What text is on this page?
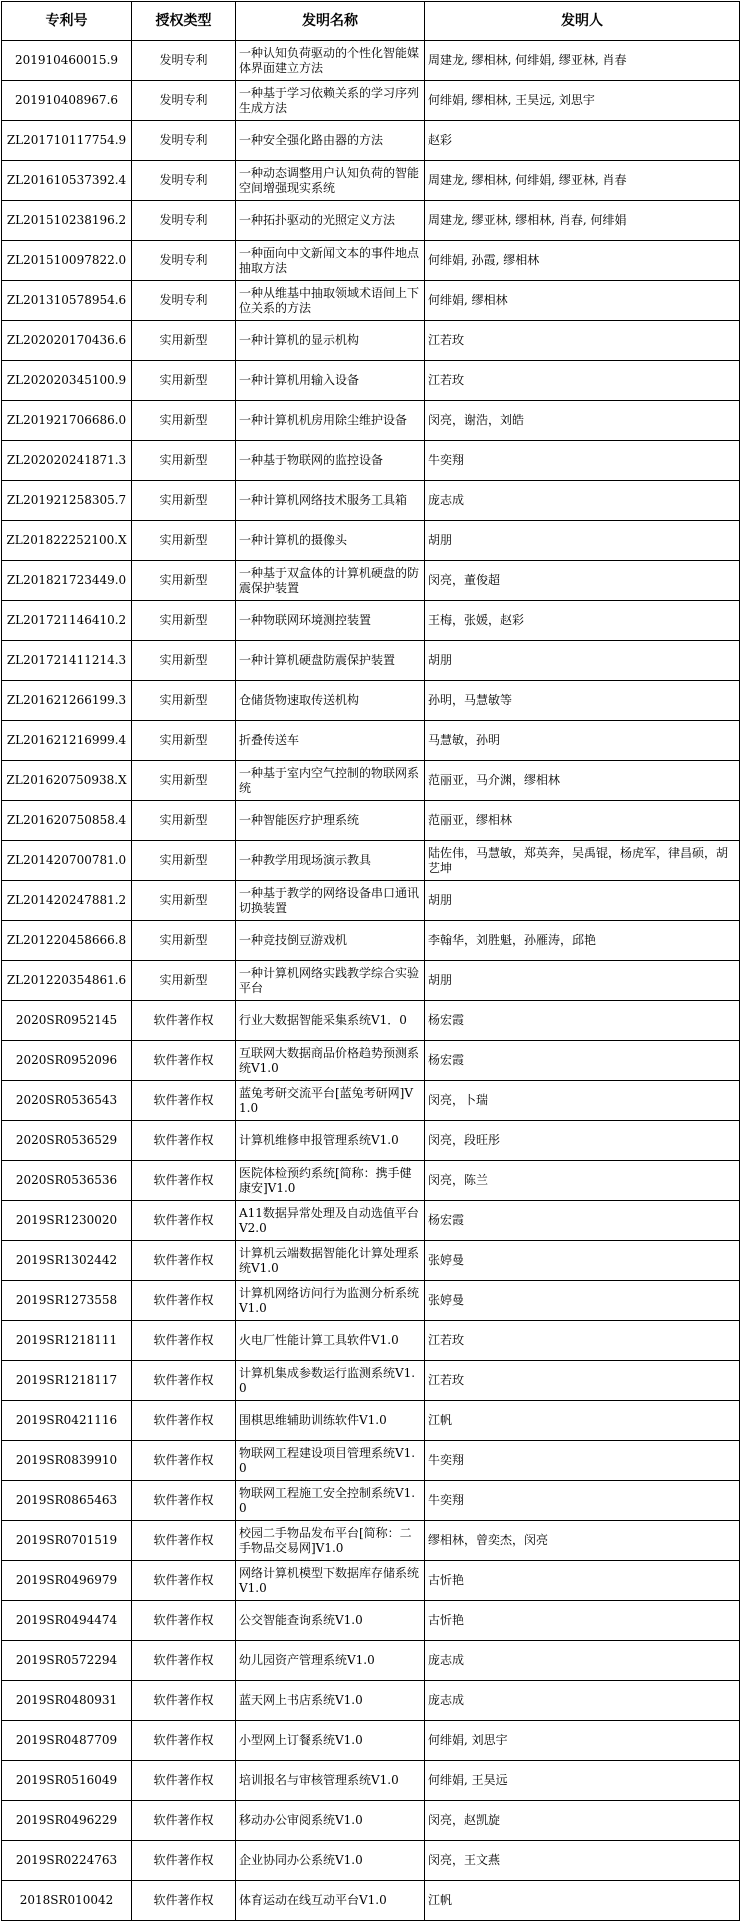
专利号	授权类型	发明名称	发明人
201910460015.9	发明专利	一种认知负荷驱动的个性化智能媒体界面建立方法	周建龙, 缪相林, 何绯娟, 缪亚林, 肖春
201910408967.6	发明专利	一种基于学习依赖关系的学习序列生成方法	何绯娟, 缪相林, 王昊远, 刘思宇
ZL201710117754.9	发明专利	一种安全强化路由器的方法	赵彩
ZL201610537392.4	发明专利	一种动态调整用户认知负荷的智能空间增强现实系统	周建龙, 缪相林, 何绯娟, 缪亚林, 肖春
ZL201510238196.2	发明专利	一种拓扑驱动的光照定义方法	周建龙, 缪亚林, 缪相林, 肖春, 何绯娟
ZL201510097822.0	发明专利	一种面向中文新闻文本的事件地点抽取方法	何绯娟, 孙霞, 缪相林
ZL201310578954.6	发明专利	一种从维基中抽取领域术语间上下位关系的方法	何绯娟, 缪相林
ZL202020170436.6	实用新型	一种计算机的显示机构	江若玫
ZL202020345100.9	实用新型	一种计算机用输入设备	江若玫
ZL201921706686.0	实用新型	一种计算机机房用除尘维护设备	闵亮，谢浩，刘皓
ZL202020241871.3	实用新型	一种基于物联网的监控设备	牛奕翔
ZL201921258305.7	实用新型	一种计算机网络技术服务工具箱	庞志成
ZL201822252100.X	实用新型	一种计算机的摄像头	胡朋
ZL201821723449.0	实用新型	一种基于双盒体的计算机硬盘的防震保护装置	闵亮，董俊超
ZL201721146410.2	实用新型	一种物联网环境测控装置	王梅，张媛，赵彩
ZL201721411214.3	实用新型	一种计算机硬盘防震保护装置	胡朋
ZL201621266199.3	实用新型	仓储货物速取传送机构	孙明，马慧敏等
ZL201621216999.4	实用新型	折叠传送车	马慧敏，孙明
ZL201620750938.X	实用新型	一种基于室内空气控制的物联网系统	范丽亚，马介渊，缪相林
ZL201620750858.4	实用新型	一种智能医疗护理系统	范丽亚，缪相林
ZL201420700781.0	实用新型	一种教学用现场演示教具	陆佐伟，马慧敏，郑英奔，吴禹锟，杨虎军，律昌硕，胡艺坤
ZL201420247881.2	实用新型	一种基于教学的网络设备串口通讯切换装置	胡朋
ZL201220458666.8	实用新型	一种竞技倒豆游戏机	李翰华，刘胜魁，孙雁涛，邱艳
ZL201220354861.6	实用新型	一种计算机网络实践教学综合实验平台	胡朋
2020SR0952145	软件著作权	行业大数据智能采集系统V1．0	杨宏霞
2020SR0952096	软件著作权	互联网大数据商品价格趋势预测系统V1.0	杨宏霞
2020SR0536543	软件著作权	蓝兔考研交流平台[蓝兔考研网]V1.0	闵亮，卜瑞
2020SR0536529	软件著作权	计算机维修申报管理系统V1.0	闵亮，段旺彤
2020SR0536536	软件著作权	医院体检预约系统[简称：携手健康安]V1.0	闵亮，陈兰
2019SR1230020	软件著作权	A11数据异常处理及自动选值平台V2.0	杨宏霞
2019SR1302442	软件著作权	计算机云端数据智能化计算处理系统V1.0	张婷曼
2019SR1273558	软件著作权	计算机网络访问行为监测分析系统V1.0	张婷曼
2019SR1218111	软件著作权	火电厂性能计算工具软件V1.0	江若玫
2019SR1218117	软件著作权	计算机集成参数运行监测系统V1.0	江若玫
2019SR0421116	软件著作权	围棋思维辅助训练软件V1.0	江帆
2019SR0839910	软件著作权	物联网工程建设项目管理系统V1.0	牛奕翔
2019SR0865463	软件著作权	物联网工程施工安全控制系统V1.0	牛奕翔
2019SR0701519	软件著作权	校园二手物品发布平台[简称：二手物品交易网]V1.0	缪相林，曾奕杰，闵亮
2019SR0496979	软件著作权	网络计算机模型下数据库存储系统V1.0	古忻艳
2019SR0494474	软件著作权	公交智能查询系统V1.0	古忻艳
2019SR0572294	软件著作权	幼儿园资产管理系统V1.0	庞志成
2019SR0480931	软件著作权	蓝天网上书店系统V1.0	庞志成
2019SR0487709	软件著作权	小型网上订餐系统V1.0	何绯娟, 刘思宇
2019SR0516049	软件著作权	培训报名与审核管理系统V1.0	何绯娟, 王昊远
2019SR0496229	软件著作权	移动办公审阅系统V1.0	闵亮，赵凯旋
2019SR0224763	软件著作权	企业协同办公系统V1.0	闵亮，王文燕
2018SR010042	软件著作权	体育运动在线互动平台V1.0	江帆
